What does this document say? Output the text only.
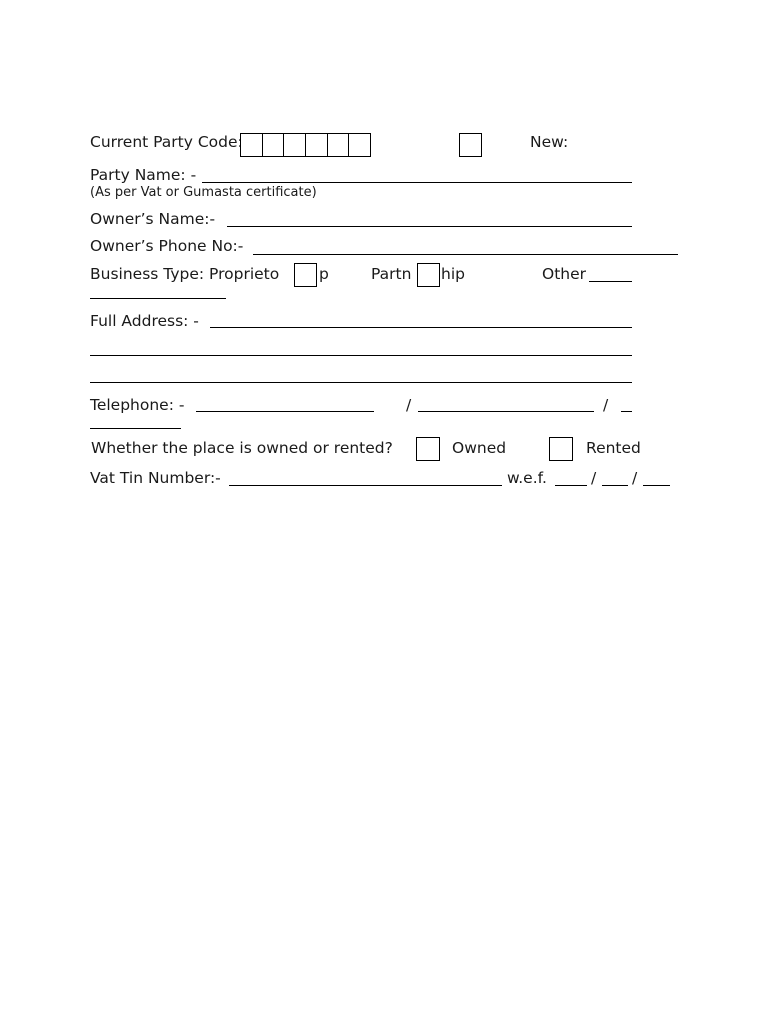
Current Party Code:	New:
Party Name: -
(As per Vat or Gumasta certificate)
Owner’s Name:-
Owner’s Phone No:-
Business Type: Proprieto	p	Partn hip	Other
Full Address: -
Telephone: -	/	/
Whether the place is owned or rented?	Owned	Rented
Vat Tin Number:-	w.e.f.	/ /
